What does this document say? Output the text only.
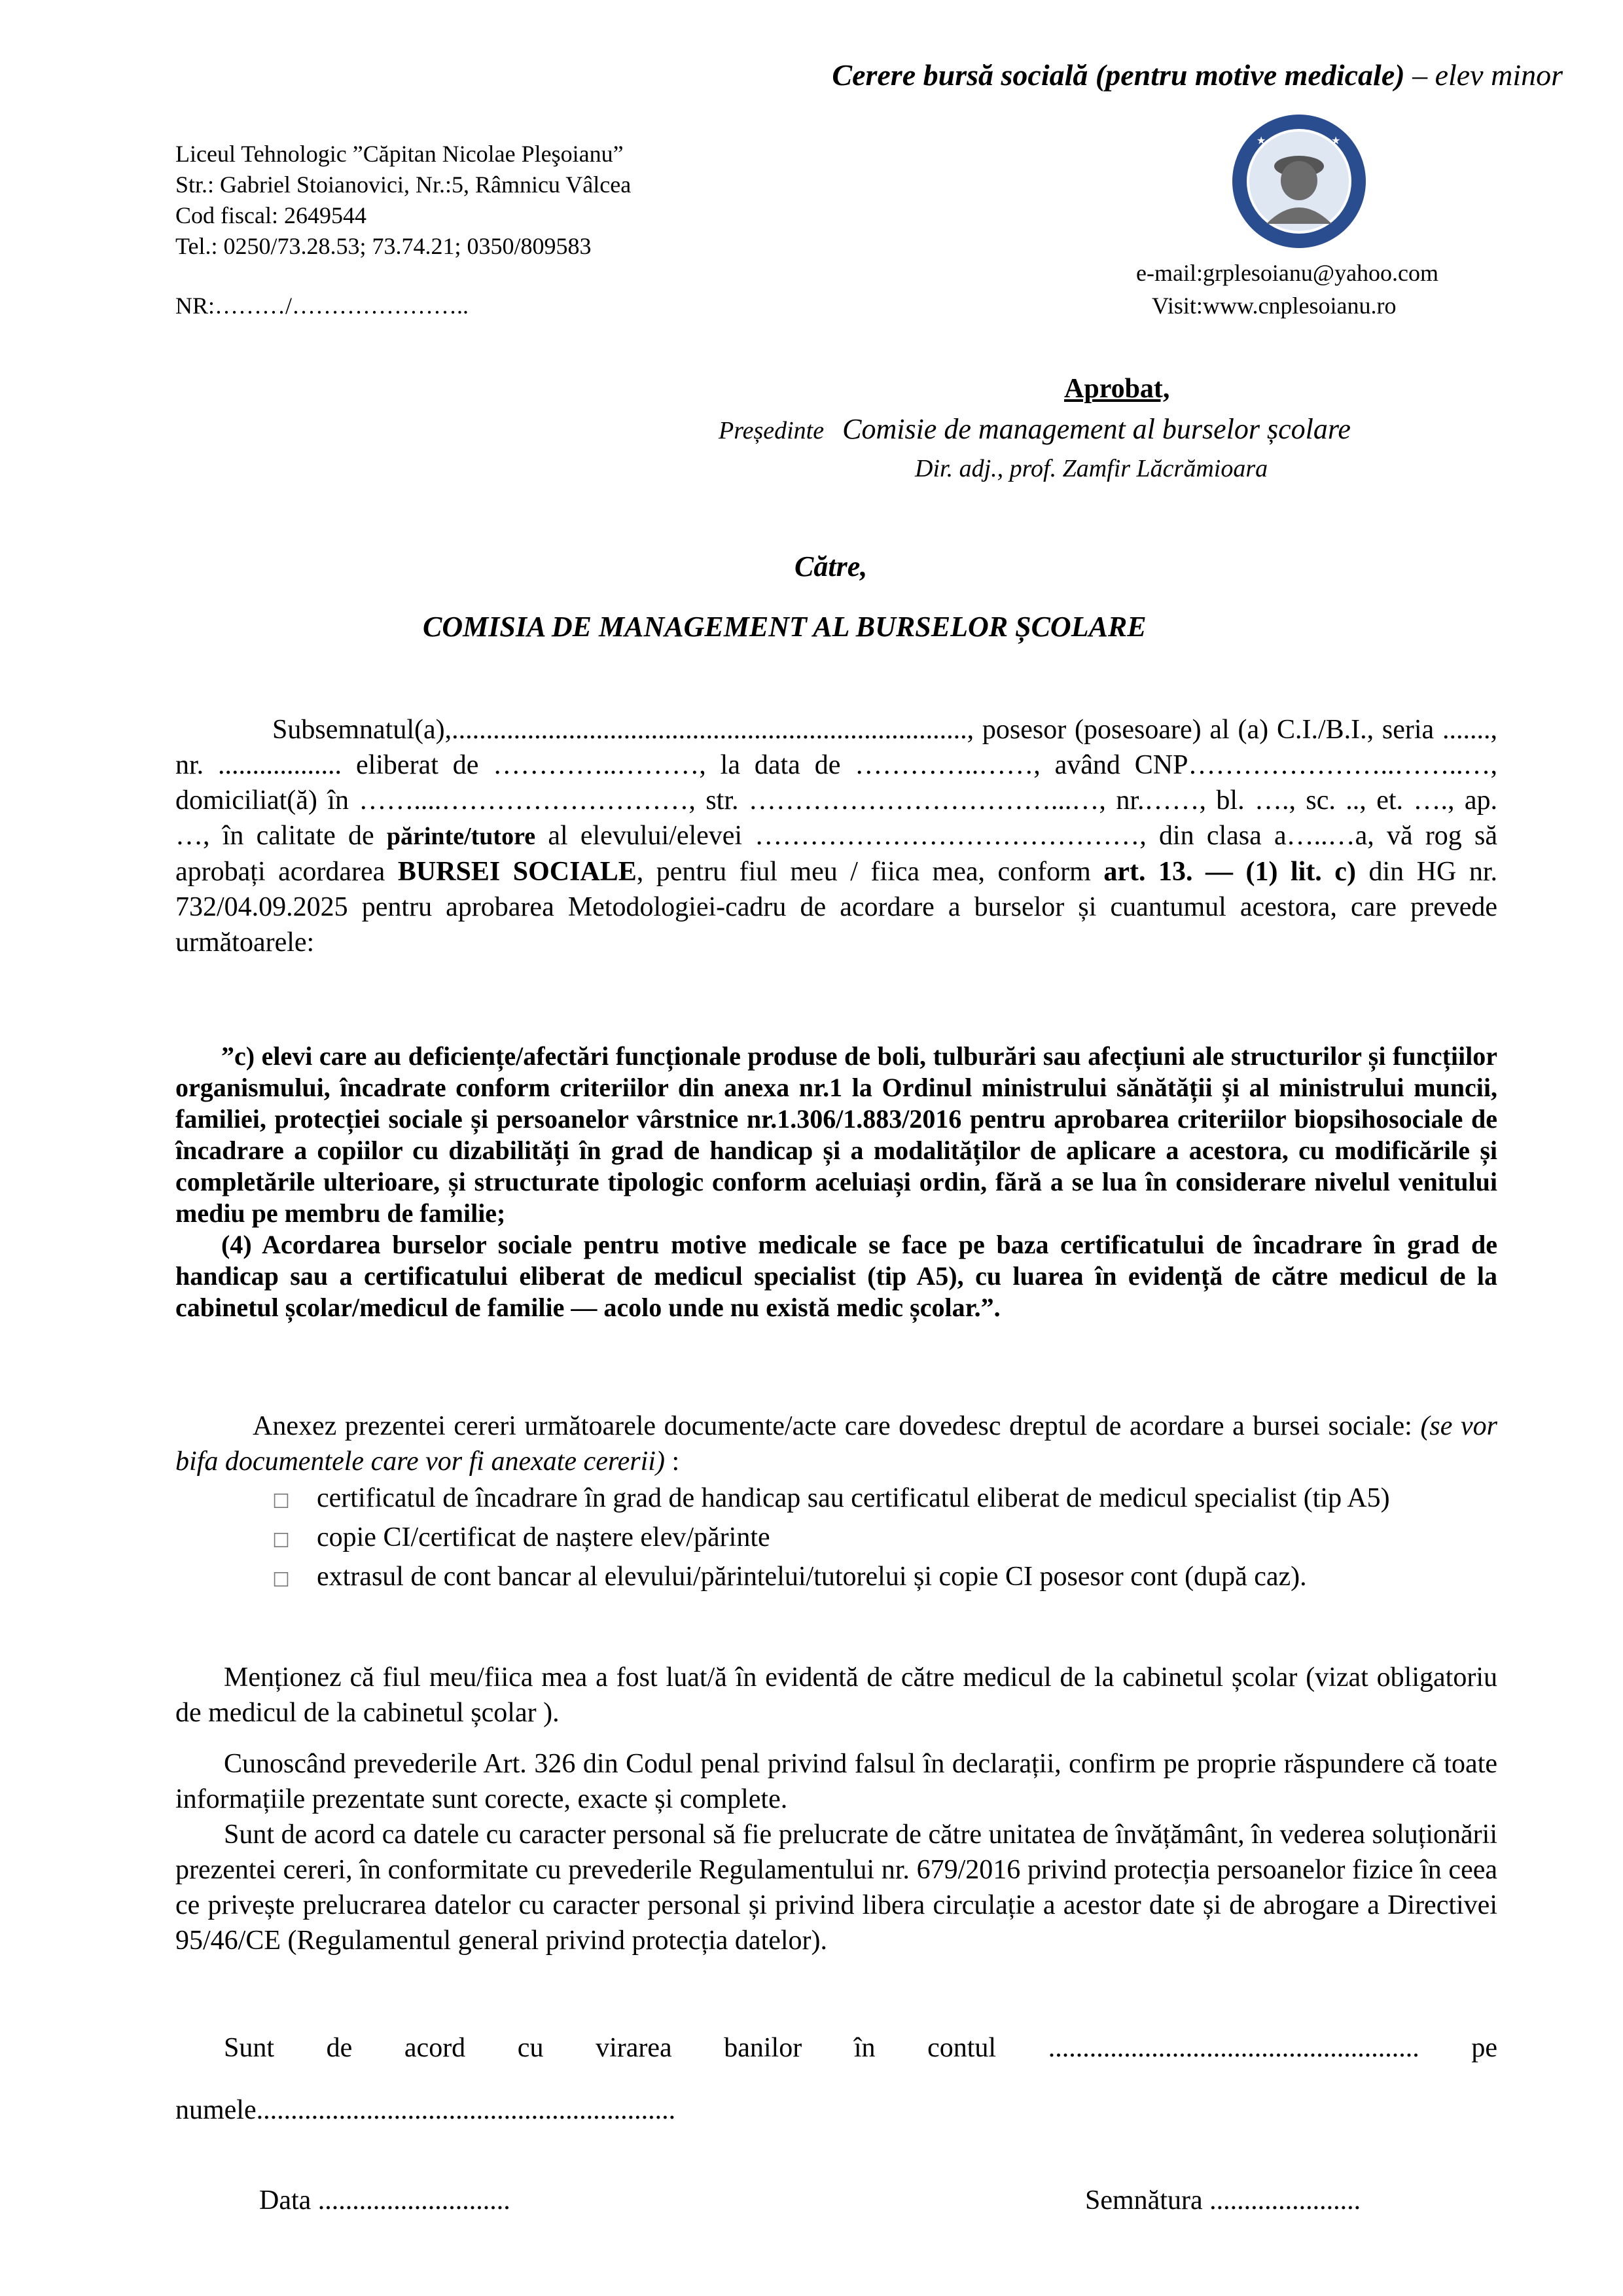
Cerere bursă socială (pentru motive medicale) – elev minor
Liceul Tehnologic ”Căpitan Nicolae Pleşoianu”
Str.: Gabriel Stoianovici, Nr.:5, Râmnicu Vâlcea
Cod fiscal: 2649544
Tel.: 0250/73.28.53; 73.74.21; 0350/809583
★	★
e-mail:grplesoianu@yahoo.com
Visit:www.cnplesoianu.ro
NR:………/…………………..
Aprobat,
Președinte Comisie de management al burselor școlare
Dir. adj., prof. Zamfir Lăcrămioara
Către,
COMISIA DE MANAGEMENT AL BURSELOR ȘCOLARE
Subsemnatul(a),..........................................................................., posesor (posesoare) al (a) C.I./B.I., seria ......., nr. .................. eliberat de …………..………, la data de …………..……, având CNP…………………..……..…, domiciliat(ă) în ……....………………………, str. ……………………………...…, nr.……, bl. …., sc. .., et. …., ap. …, în calitate de părinte/tutore al elevului/elevei ……………………………………, din clasa a…..…a, vă rog să aprobați acordarea BURSEI SOCIALE, pentru fiul meu / fiica mea, conform art. 13. — (1) lit. c) din HG nr. 732/04.09.2025 pentru aprobarea Metodologiei-cadru de acordare a burselor și cuantumul acestora, care prevede următoarele:

”c) elevi care au deficiențe/afectări funcționale produse de boli, tulburări sau afecțiuni ale structurilor și funcțiilor organismului, încadrate conform criteriilor din anexa nr.1 la Ordinul ministrului sănătății și al ministrului muncii, familiei, protecției sociale și persoanelor vârstnice nr.1.306/1.883/2016 pentru aprobarea criteriilor biopsihosociale de încadrare a copiilor cu dizabilități în grad de handicap și a modalităților de aplicare a acestora, cu modificările și completările ulterioare, și structurate tipologic conform aceluiași ordin, fără a se lua în considerare nivelul venitului mediu pe membru de familie;

(4) Acordarea burselor sociale pentru motive medicale se face pe baza certificatului de încadrare în grad de handicap sau a certificatului eliberat de medicul specialist (tip A5), cu luarea în evidență de către medicul de la cabinetul școlar/medicul de familie — acolo unde nu există medic școlar.”.

Anexez prezentei cereri următoarele documente/acte care dovedesc dreptul de acordare a bursei sociale: (se vor bifa documentele care vor fi anexate cererii) :

☐ certificatul de încadrare în grad de handicap sau certificatul eliberat de medicul specialist (tip A5)
☐ copie CI/certificat de naștere elev/părinte
☐ extrasul de cont bancar al elevului/părintelui/tutorelui și copie CI posesor cont (după caz).

Menționez că fiul meu/fiica mea a fost luat/ă în evidentă de către medicul de la cabinetul școlar (vizat obligatoriu de medicul de la cabinetul școlar ).

Cunoscând prevederile Art. 326 din Codul penal privind falsul în declarații, confirm pe proprie răspundere că toate informațiile prezentate sunt corecte, exacte și complete.

Sunt de acord ca datele cu caracter personal să fie prelucrate de către unitatea de învățământ, în vederea soluționării prezentei cereri, în conformitate cu prevederile Regulamentului nr. 679/2016 privind protecția persoanelor fizice în ceea ce privește prelucrarea datelor cu caracter personal și privind libera circulație a acestor date și de abrogare a Directivei 95/46/CE (Regulamentul general privind protecția datelor).

Sunt de acord cu virarea banilor în contul ...................................................... pe
numele.............................................................
Data ............................	Semnătura ......................
